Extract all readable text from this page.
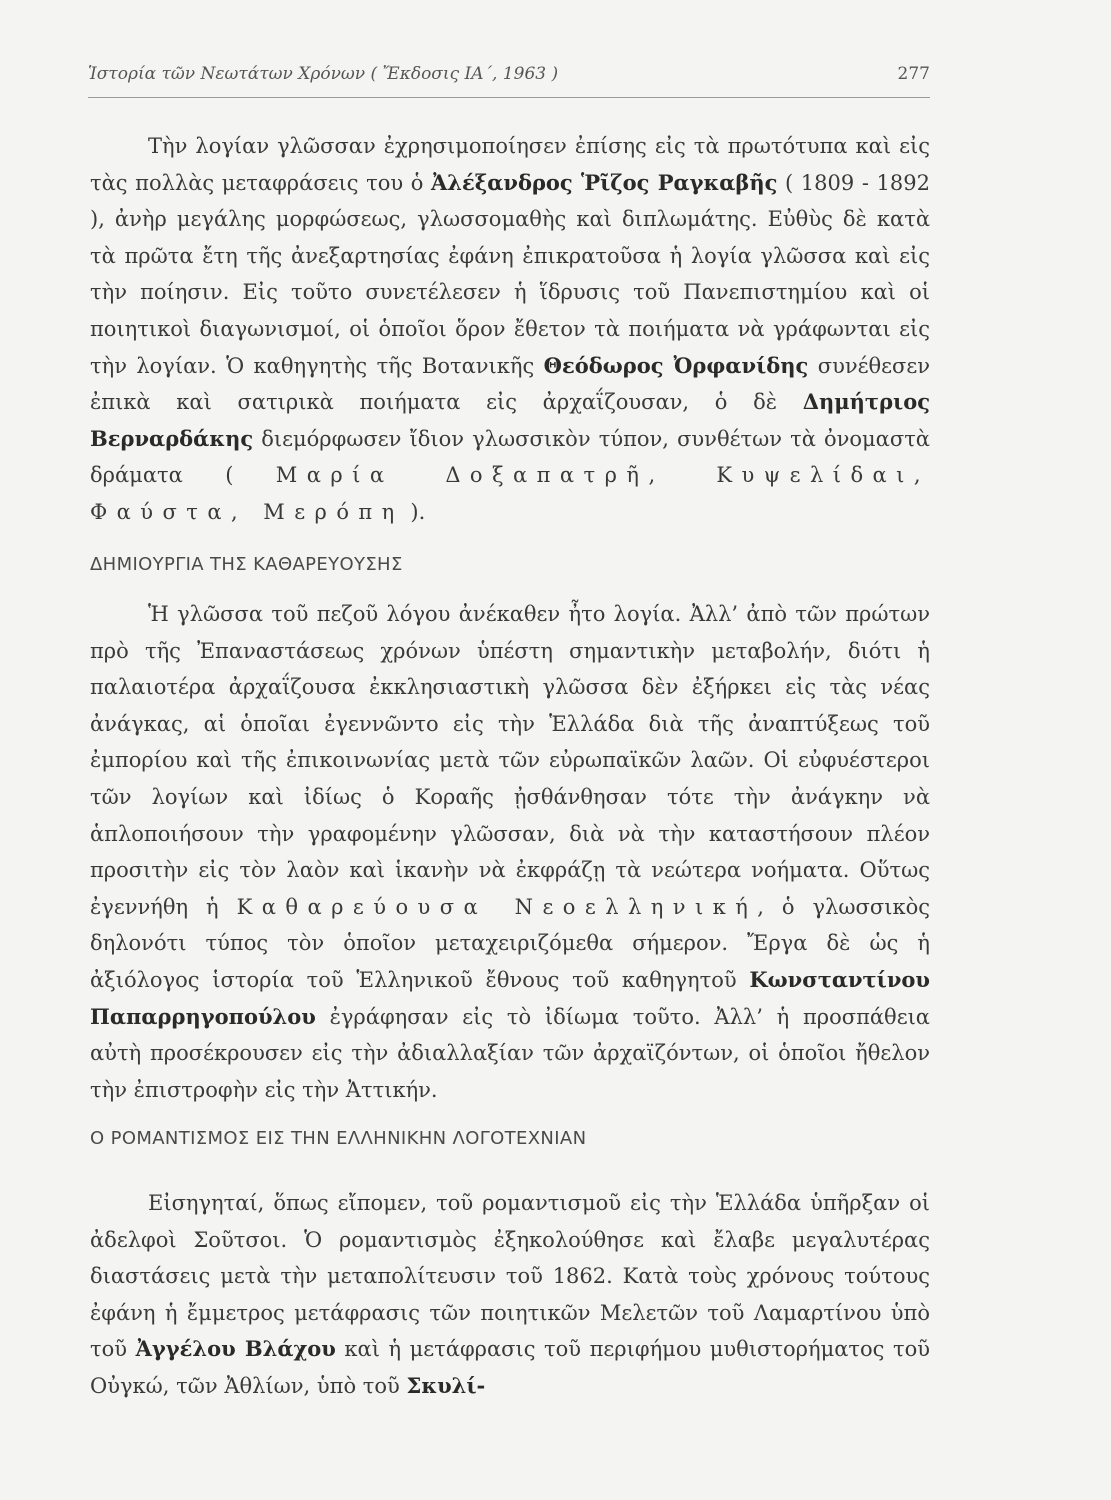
Ἱστορία τῶν Νεωτάτων Χρόνων ( Ἔκδοσις ΙΑ΄, 1963 )	277

Τὴν λογίαν γλῶσσαν ἐχρησιμοποίησεν ἐπίσης εἰς τὰ πρωτότυπα καὶ εἰς τὰς πολλὰς μεταφράσεις του ὁ Ἀλέξανδρος Ῥῖζος Ραγκαβῆς ( 1809 - 1892 ), ἀνὴρ μεγάλης μορφώσεως, γλωσσομαθὴς καὶ διπλωμάτης. Εὐθὺς δὲ κατὰ τὰ πρῶτα ἔτη τῆς ἀνεξαρτησίας ἐφάνη ἐπικρατοῦσα ἡ λογία γλῶσσα καὶ εἰς τὴν ποίησιν. Εἰς τοῦτο συνετέλεσεν ἡ ἵδρυσις τοῦ Πανεπιστημίου καὶ οἱ ποιητικοὶ διαγωνισμοί, οἱ ὁποῖοι ὅρον ἔθετον τὰ ποιήματα νὰ γράφωνται εἰς τὴν λογίαν. Ὁ καθηγητὴς τῆς Βοτανικῆς Θεόδωρος Ὀρφανίδης συνέθεσεν ἐπικὰ καὶ σατιρικὰ ποιήματα εἰς ἀρχαΐζουσαν, ὁ δὲ Δημήτριος Βερναρδάκης διεμόρφωσεν ἴδιον γλωσσικὸν τύπον, συνθέτων τὰ ὀνομαστὰ δράματα ( Μαρία Δοξαπατρῆ, Κυψελίδαι, Φαύστα, Μερόπη ).

ΔΗΜΙΟΥΡΓΙΑ ΤΗΣ ΚΑΘΑΡΕΥΟΥΣΗΣ

Ἡ γλῶσσα τοῦ πεζοῦ λόγου ἀνέκαθεν ἦτο λογία. Ἀλλ’ ἀπὸ τῶν πρώτων πρὸ τῆς Ἐπαναστάσεως χρόνων ὑπέστη σημαντικὴν μεταβολήν, διότι ἡ παλαιοτέρα ἀρχαΐζουσα ἐκκλησιαστικὴ γλῶσσα δὲν ἐξήρκει εἰς τὰς νέας ἀνάγκας, αἱ ὁποῖαι ἐγεννῶντο εἰς τὴν Ἑλλάδα διὰ τῆς ἀναπτύξεως τοῦ ἐμπορίου καὶ τῆς ἐπικοινωνίας μετὰ τῶν εὐρωπαϊκῶν λαῶν. Οἱ εὐφυέστεροι τῶν λογίων καὶ ἰδίως ὁ Κοραῆς ᾐσθάνθησαν τότε τὴν ἀνάγκην νὰ ἁπλοποιήσουν τὴν γραφομένην γλῶσσαν, διὰ νὰ τὴν καταστήσουν πλέον προσιτὴν εἰς τὸν λαὸν καὶ ἱκανὴν νὰ ἐκφράζῃ τὰ νεώτερα νοήματα. Οὕτως ἐγεννήθη ἡ Καθαρεύουσα Νεοελληνική, ὁ γλωσσικὸς δηλονότι τύπος τὸν ὁποῖον μεταχειριζόμεθα σήμερον. Ἔργα δὲ ὡς ἡ ἀξιόλογος ἱστορία τοῦ Ἑλληνικοῦ ἔθνους τοῦ καθηγητοῦ Κωνσταντίνου Παπαρρηγοπούλου ἐγράφησαν εἰς τὸ ἰδίωμα τοῦτο. Ἀλλ’ ἡ προσπάθεια αὐτὴ προσέκρουσεν εἰς τὴν ἀδιαλλαξίαν τῶν ἀρχαϊζόντων, οἱ ὁποῖοι ἤθελον τὴν ἐπιστροφὴν εἰς τὴν Ἀττικήν.

Ο ΡΟΜΑΝΤΙΣΜΟΣ ΕΙΣ ΤΗΝ ΕΛΛΗΝΙΚΗΝ ΛΟΓΟΤΕΧΝΙΑΝ

Εἰσηγηταί, ὅπως εἴπομεν, τοῦ ρομαντισμοῦ εἰς τὴν Ἑλλάδα ὑπῆρξαν οἱ ἀδελφοὶ Σοῦτσοι. Ὁ ρομαντισμὸς ἐξηκολούθησε καὶ ἔλαβε μεγαλυτέρας διαστάσεις μετὰ τὴν μεταπολίτευσιν τοῦ 1862. Κατὰ τοὺς χρόνους τούτους ἐφάνη ἡ ἔμμετρος μετάφρασις τῶν ποιητικῶν Μελετῶν τοῦ Λαμαρτίνου ὑπὸ τοῦ Ἀγγέλου Βλάχου καὶ ἡ μετάφρασις τοῦ περιφήμου μυθιστορήματος τοῦ Οὐγκώ, τῶν Ἀθλίων, ὑπὸ τοῦ Σκυλί-
